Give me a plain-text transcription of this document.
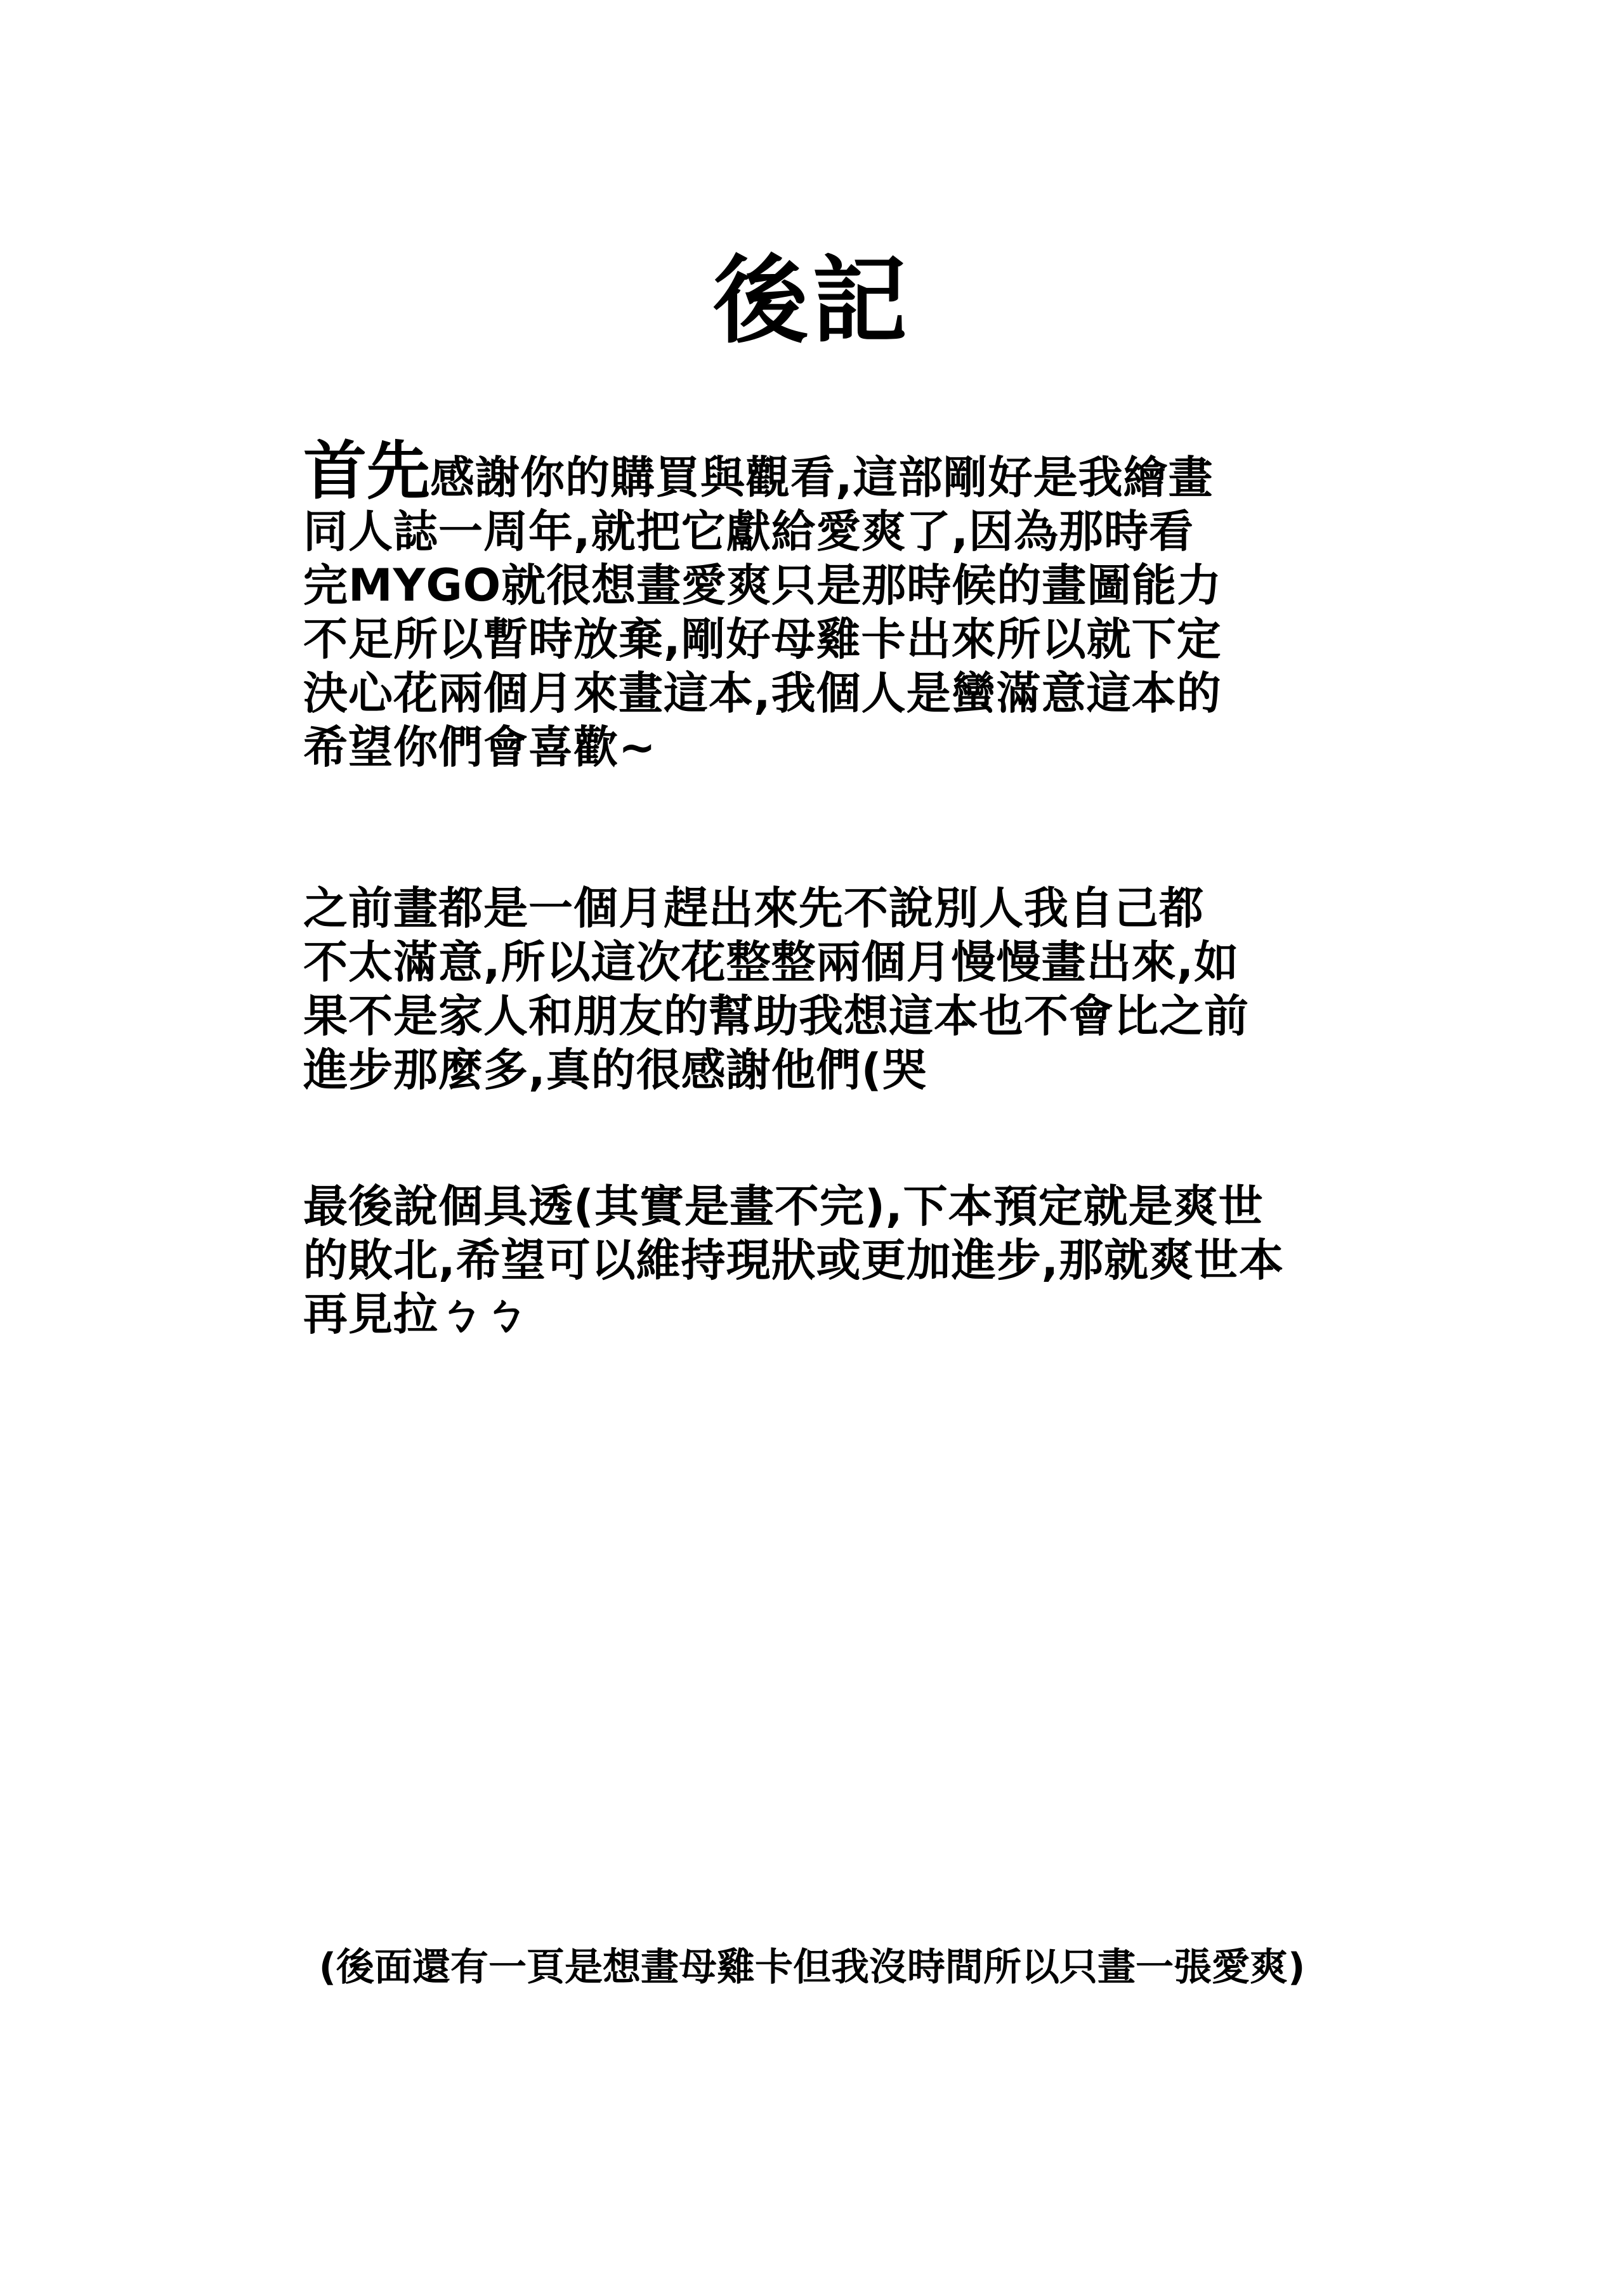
後記
首先感謝你的購買與觀看,這部剛好是我繪畫
同人誌一周年,就把它獻給愛爽了,因為那時看
完MYGO就很想畫愛爽只是那時候的畫圖能力
不足所以暫時放棄,剛好母雞卡出來所以就下定
決心花兩個月來畫這本,我個人是蠻滿意這本的
希望你們會喜歡~
之前畫都是一個月趕出來先不說別人我自己都
不太滿意,所以這次花整整兩個月慢慢畫出來,如
果不是家人和朋友的幫助我想這本也不會比之前
進步那麼多,真的很感謝他們(哭
最後說個具透(其實是畫不完),下本預定就是爽世
的敗北,希望可以維持現狀或更加進步,那就爽世本
再見拉ㄅㄅ
(後面還有一頁是想畫母雞卡但我沒時間所以只畫一張愛爽)
